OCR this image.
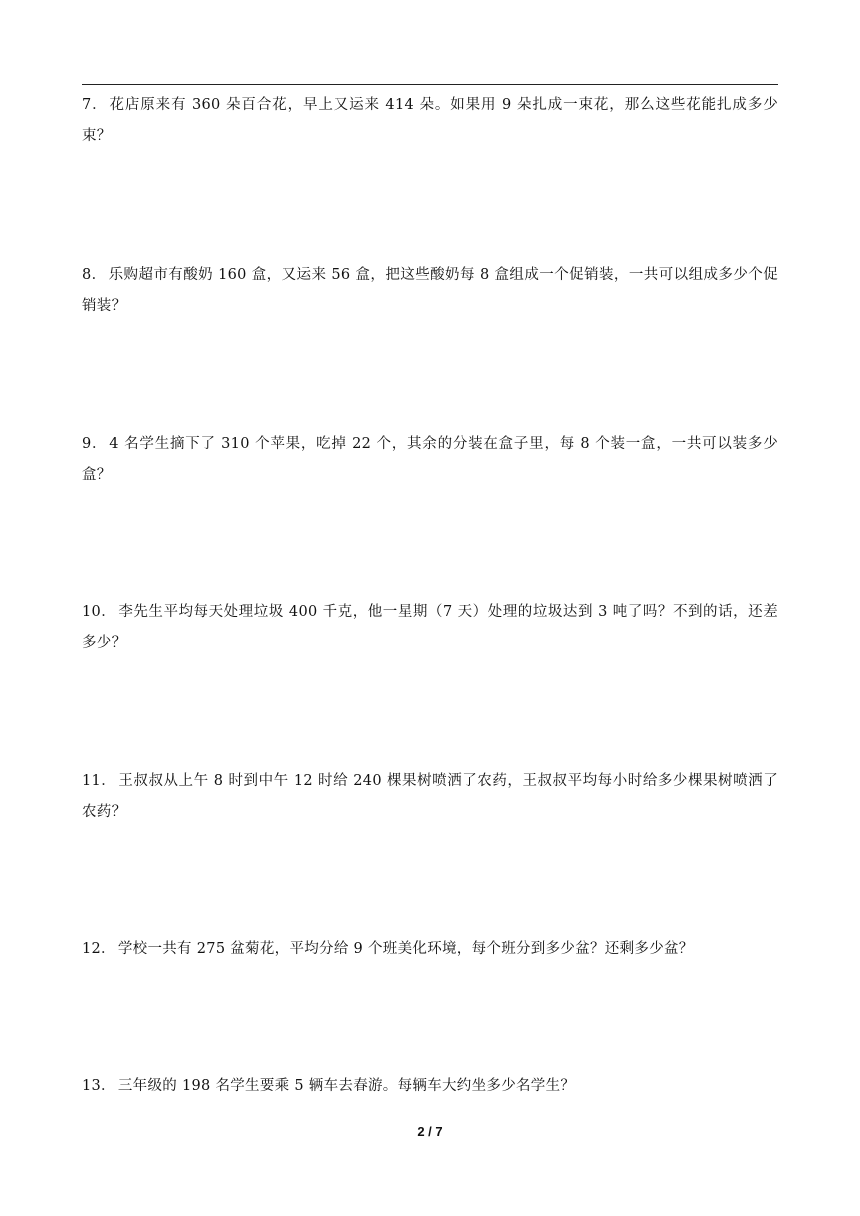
7． 花店原来有 360 朵百合花，早上又运来 414 朵。如果用 9 朵扎成一束花，那么这些花能扎成多少束？

8． 乐购超市有酸奶 160 盒，又运来 56 盒，把这些酸奶每 8 盒组成一个促销装，一共可以组成多少个促销装？

9． 4 名学生摘下了 310 个苹果，吃掉 22 个，其余的分装在盒子里，每 8 个装一盒，一共可以装多少盒？

10． 李先生平均每天处理垃圾 400 千克，他一星期（7 天）处理的垃圾达到 3 吨了吗？不到的话，还差多少？

11． 王叔叔从上午 8 时到中午 12 时给 240 棵果树喷洒了农药，王叔叔平均每小时给多少棵果树喷洒了农药？

12． 学校一共有 275 盆菊花，平均分给 9 个班美化环境，每个班分到多少盆？还剩多少盆？

13． 三年级的 198 名学生要乘 5 辆车去春游。每辆车大约坐多少名学生？

2 / 7
